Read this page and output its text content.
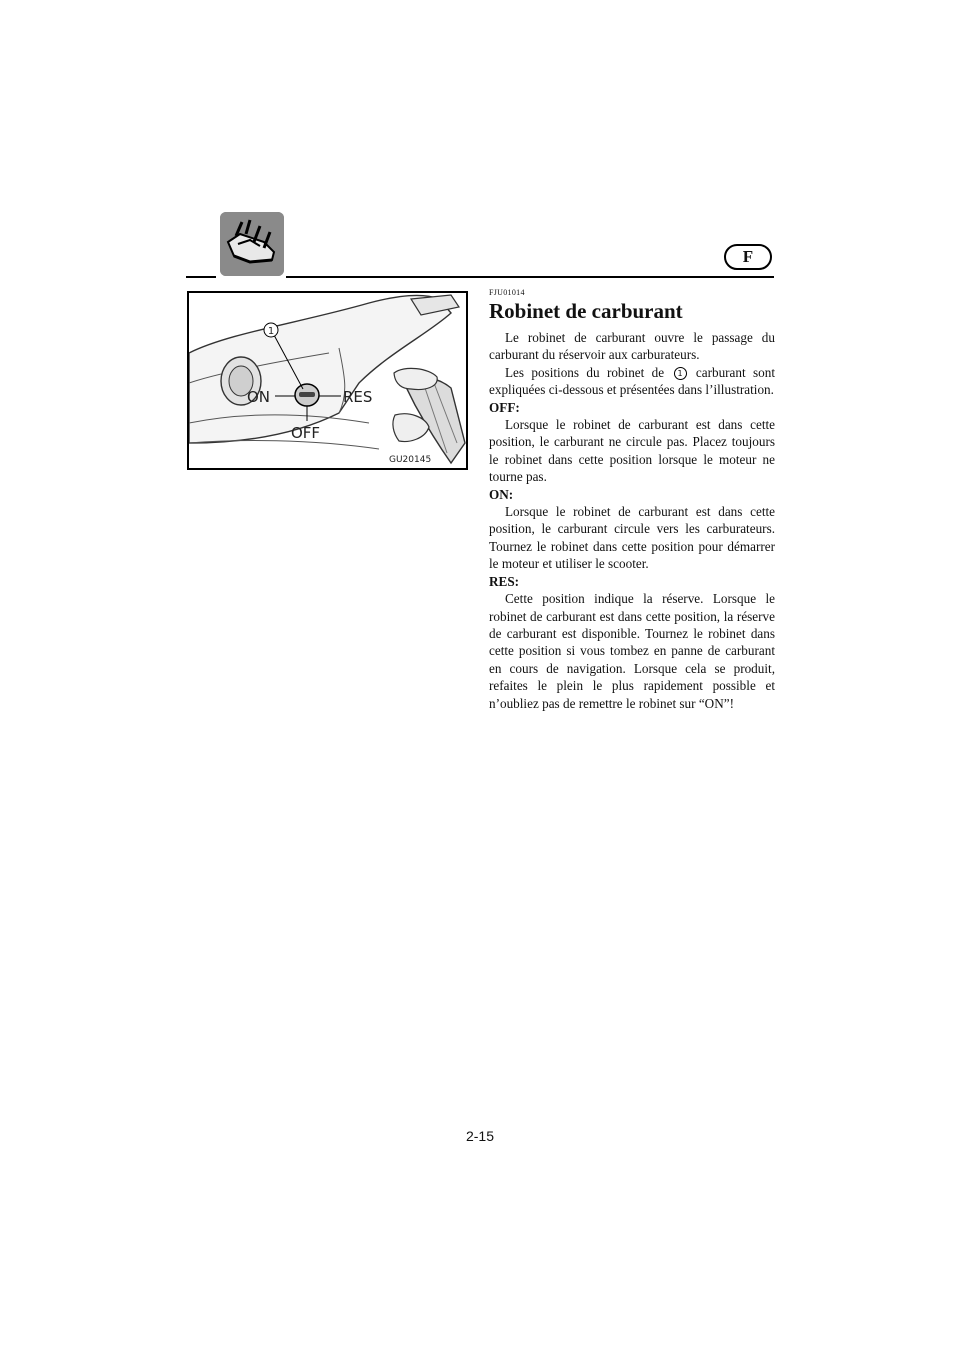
F
1
ON	RES
OFF
GU20145

FJU01014

Robinet de carburant

Le robinet de carburant ouvre le passage du carburant du réservoir aux carburateurs.

Les positions du robinet de 1 carburant sont expliquées ci-dessous et présentées dans l’illustration.

OFF:

Lorsque le robinet de carburant est dans cette position, le carburant ne circule pas. Placez toujours le robinet dans cette position lorsque le moteur ne tourne pas.

ON:

Lorsque le robinet de carburant est dans cette position, le carburant circule vers les carburateurs. Tournez le robinet dans cette position pour démarrer le moteur et utiliser le scooter.

RES:

Cette position indique la réserve. Lorsque le robinet de carburant est dans cette position, la réserve de carburant est disponible. Tournez le robinet dans cette position si vous tombez en panne de carburant en cours de navigation. Lorsque cela se produit, refaites le plein le plus rapidement possible et n’oubliez pas de remettre le robinet sur “ON”!

2-15
